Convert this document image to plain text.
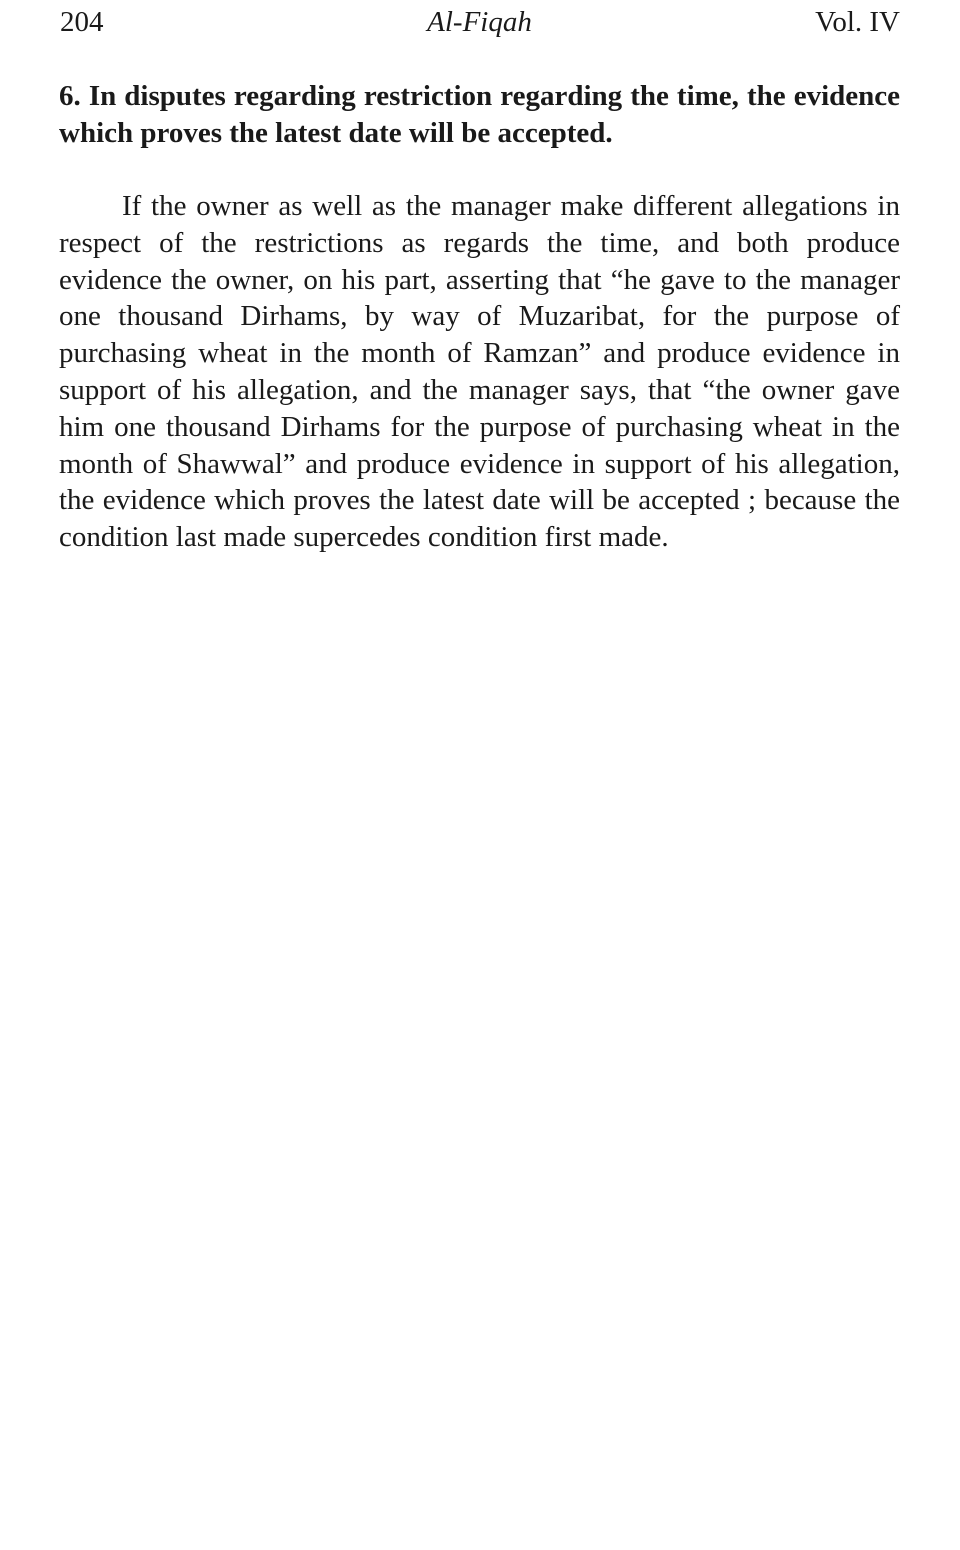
204	Al-Fiqah	Vol. IV

6. In disputes regarding restriction regarding the time, the evidence which proves the latest date will be accepted.

If the owner as well as the manager make different allegations in respect of the restrictions as regards the time, and both produce evidence the owner, on his part, asserting that “he gave to the manager one thousand Dirhams, by way of Muzaribat, for the purpose of purchasing wheat in the month of Ramzan” and produce evidence in support of his allegation, and the manager says, that “the owner gave him one thousand Dirhams for the purpose of purchasing wheat in the month of Shawwal” and produce evidence in support of his allegation, the evidence which proves the latest date will be accepted ; because the condition last made supercedes condition first made.
